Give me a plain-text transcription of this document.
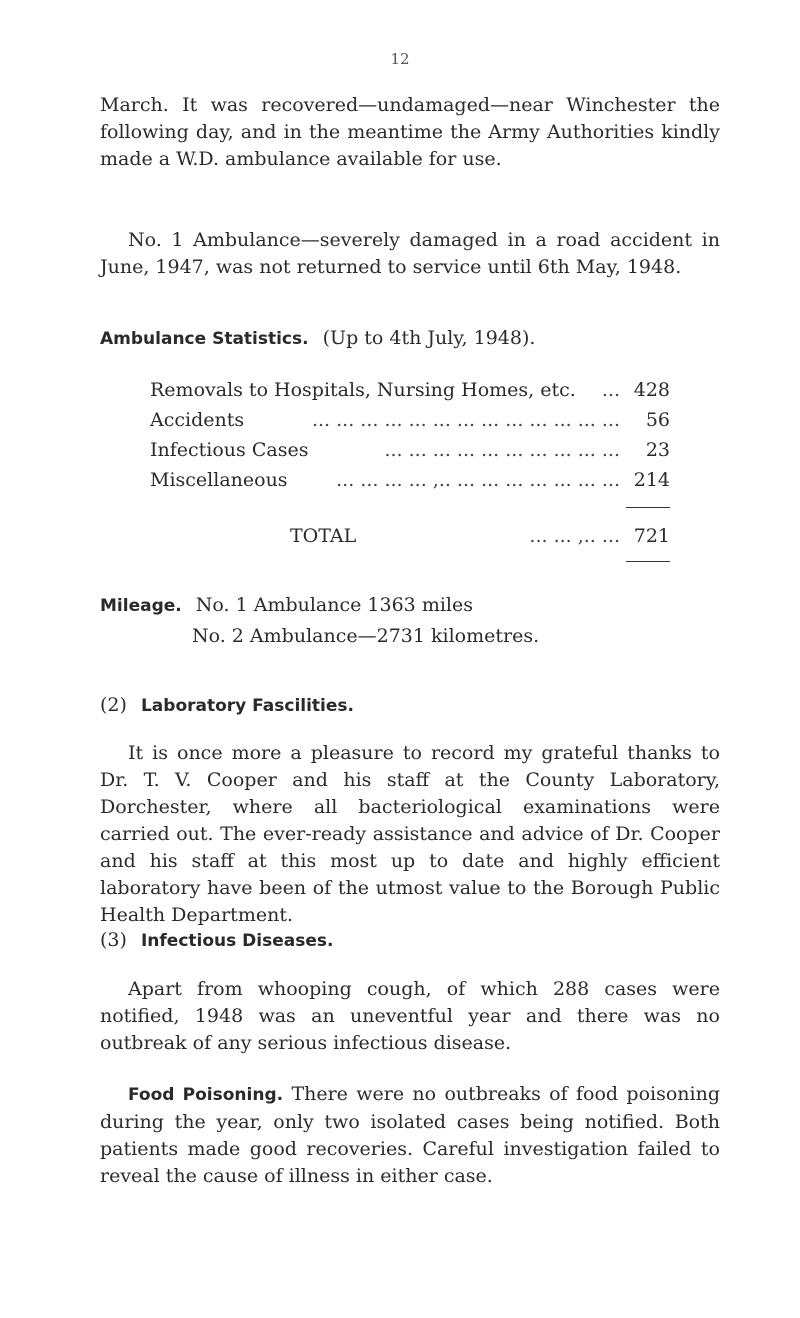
12

March. It was recovered—undamaged—near Winchester the following day, and in the meantime the Army Authorities kindly made a W.D. ambulance available for use.

No. 1 Ambulance—severely damaged in a road accident in June, 1947, was not returned to service until 6th May, 1948.

Ambulance Statistics. (Up to 4th July, 1948).
Removals to Hospitals, Nursing Homes, etc. ... 428
Accidents	... ... ... ... ... ... ... ... ... ... ... ... ... 56
Infectious Cases	... ... ... ... ... ... ... ... ... ... 23
Miscellaneous	... ... ... ... ,.. ... ... ... ... ... ... ... 214
TOTAL	... ... ,.. ... 721
Mileage. No. 1 Ambulance 1363 miles
No. 2 Ambulance—2731 kilometres.
(2) Laboratory Fascilities.

It is once more a pleasure to record my grateful thanks to Dr. T. V. Cooper and his staff at the County Laboratory, Dorchester, where all bacteriological examinations were carried out. The ever-ready assistance and advice of Dr. Cooper and his staff at this most up to date and highly efficient laboratory have been of the utmost value to the Borough Public Health Department.

(3) Infectious Diseases.

Apart from whooping cough, of which 288 cases were notified, 1948 was an uneventful year and there was no outbreak of any serious infectious disease.

Food Poisoning. There were no outbreaks of food poisoning during the year, only two isolated cases being notified. Both patients made good recoveries. Careful investigation failed to reveal the cause of illness in either case.
